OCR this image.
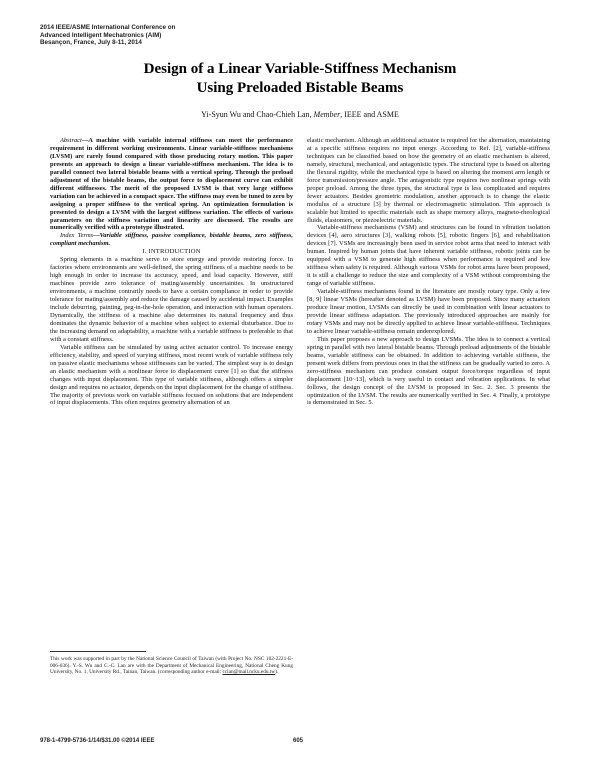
2014 IEEE/ASME International Conference on
Advanced Intelligent Mechatronics (AIM)
Besançon, France, July 8-11, 2014
Design of a Linear Variable-Stiffness Mechanism
Using Preloaded Bistable Beams
Yi-Syun Wu and Chao-Chieh Lan, Member, IEEE and ASME

Abstract—A machine with variable internal stiffness can meet the performance requirement in different working environments. Linear variable-stiffness mechanisms (LVSM) are rarely found compared with those producing rotary motion. This paper presents an approach to design a linear variable-stiffness mechanism. The idea is to parallel connect two lateral bistable beams with a vertical spring. Through the preload adjustment of the bistable beams, the output force to displacement curve can exhibit different stiffnesses. The merit of the proposed LVSM is that very large stiffness variation can be achieved in a compact space. The stiffness may even be tuned to zero by assigning a proper stiffness to the vertical spring. An optimization formulation is presented to design a LVSM with the largest stiffness variation. The effects of various parameters on the stiffness variation and linearity are discussed. The results are numerically verified with a prototype illustrated.

Index Terms—Variable stiffness, passive compliance, bistable beams, zero stiffness, compliant mechanism.

I. INTRODUCTION

Spring elements in a machine serve to store energy and provide restoring force. In factories where environments are well-defined, the spring stiffness of a machine needs to be high enough in order to increase its accuracy, speed, and load capacity. However, stiff machines provide zero tolerance of mating/assembly uncertainties. In unstructured environments, a machine contrarily needs to have a certain compliance in order to provide tolerance for mating/assembly and reduce the damage caused by accidental impact. Examples include deburring, painting, peg-in-the-hole operation, and interaction with human operators. Dynamically, the stiffness of a machine also determines its natural frequency and thus dominates the dynamic behavior of a machine when subject to external disturbance. Due to the increasing demand on adaptability, a machine with a variable stiffness is preferable to that with a constant stiffness.

Variable stiffness can be simulated by using active actuator control. To increase energy efficiency, stability, and speed of varying stiffness, most recent work of variable stiffness rely on passive elastic mechanisms whose stiffnesses can be varied. The simplest way is to design an elastic mechanism with a nonlinear force to displacement curve [1] so that the stiffness changes with input displacement. This type of variable stiffness, although offers a simpler design and requires no actuator, depends on the input displacement for the change of stiffness. The majority of previous work on variable stiffness focused on solutions that are independent of input displacements. This often requires geometry alternation of an

elastic mechanism. Although an additional actuator is required for the alternation, maintaining at a specific stiffness requires no input energy. According to Ref. [2], variable-stiffness techniques can be classified based on how the geometry of an elastic mechanism is altered, namely, structural, mechanical, and antagonistic types. The structural type is based on altering the flexural rigidity, while the mechanical type is based on altering the moment arm length or force transmission/pressure angle. The antagonistic type requires two nonlinear springs with proper preload. Among the three types, the structural type is less complicated and requires fewer actuators. Besides geometric modulation, another approach is to change the elastic modulus of a structure [3] by thermal or electromagnetic stimulation. This approach is scalable but limited to specific materials such as shape memory alloys, magneto-rheological fluids, elastomers, or piezoelectric materials.

Variable-stiffness mechanisms (VSM) and structures can be found in vibration isolation devices [4], aero structures [3], walking robots [5], robotic fingers [6], and rehabilitation devices [7]. VSMs are increasingly been used in service robot arms that need to interact with human. Inspired by human joints that have inherent variable stiffness, robotic joints can be equipped with a VSM to generate high stiffness when performance is required and low stiffness when safety is required. Although various VSMs for robot arms have been proposed, it is still a challenge to reduce the size and complexity of a VSM without compromising the range of variable stiffness.

Variable-stiffness mechanisms found in the literature are mostly rotary type. Only a few [8, 9] linear VSMs (hereafter denoted as LVSM) have been proposed. Since many actuators produce linear motion, LVSMs can directly be used in combination with linear actuators to provide linear stiffness adaptation. The previously introduced approaches are mainly for rotary VSMs and may not be directly applied to achieve linear variable-stiffness. Techniques to achieve linear variable-stiffness remain underexplored.

This paper proposes a new approach to design LVSMs. The idea is to connect a vertical spring in parallel with two lateral bistable beams. Through preload adjustments of the bistable beams, variable stiffness can be obtained. In addition to achieving variable stiffness, the present work differs from previous ones in that the stiffness can be gradually varied to zero. A zero-stiffness mechanism can produce constant output force/torque regardless of input displacement [10~13], which is very useful in contact and vibration applications. In what follows, the design concept of the LVSM is proposed in Sec. 2. Sec. 3 presents the optimization of the LVSM. The results are numerically verified in Sec. 4. Finally, a prototype is demonstrated in Sec. 5.

This work was supported in part by the National Science Council of Taiwan (with Project No. NSC 102-2221-E-006-036). Y.-S. Wu and C.-C. Lan are with the Department of Mechanical Engineering, National Cheng Kung University, No. 1, University Rd., Tainan, Taiwan. (corresponding author e-mail: cclan@mail.ncku.edu.tw).
978-1-4799-5736-1/14/$31.00 ©2014 IEEE	605
